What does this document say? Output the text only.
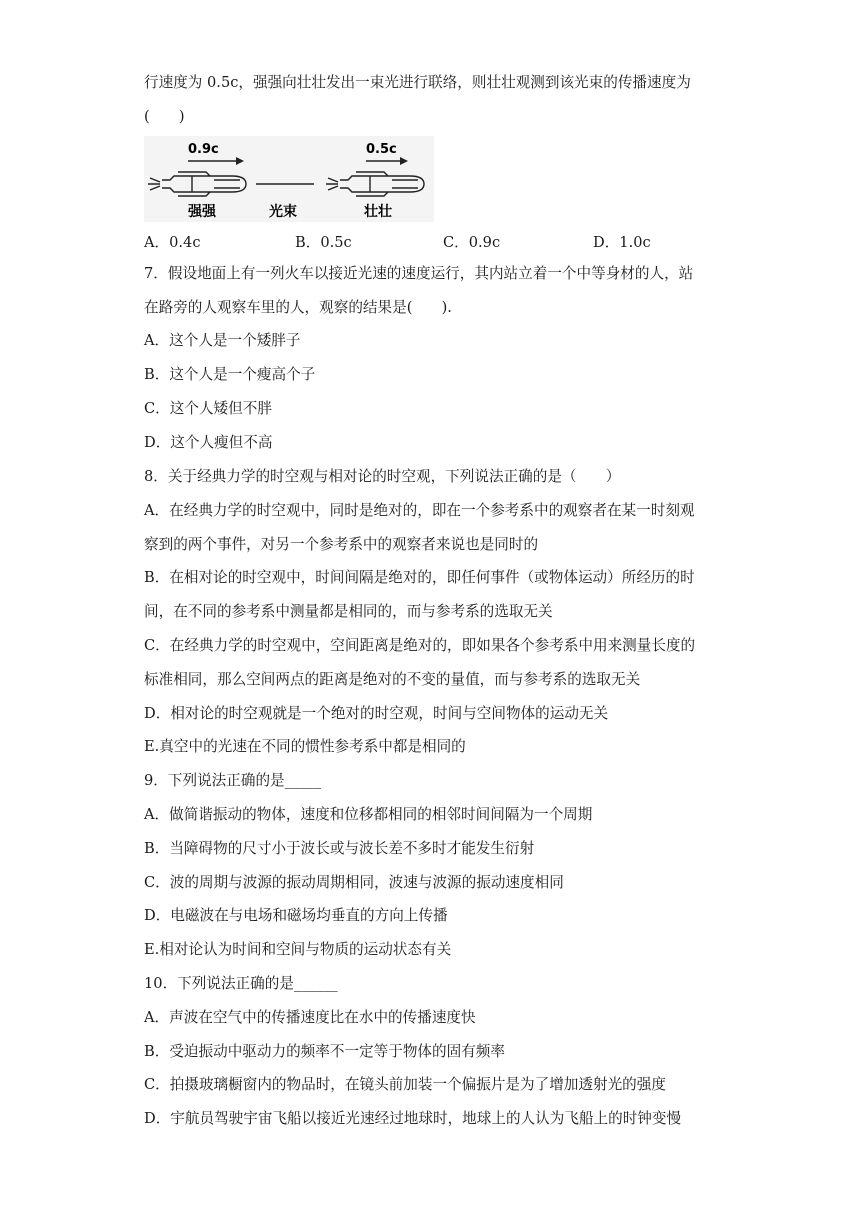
行速度为 0.5c，强强向壮壮发出一束光进行联络，则壮壮观测到该光束的传播速度为
(　　)
0.9c	0.5c
强强	光束	壮壮
A．0.4c	B．0.5c	C．0.9c	D．1.0c
7．假设地面上有一列火车以接近光速的速度运行，其内站立着一个中等身材的人，站
在路旁的人观察车里的人，观察的结果是(　　).
A．这个人是一个矮胖子
B．这个人是一个瘦高个子
C．这个人矮但不胖
D．这个人瘦但不高
8．关于经典力学的时空观与相对论的时空观，下列说法正确的是（　　）
A．在经典力学的时空观中，同时是绝对的，即在一个参考系中的观察者在某一时刻观
察到的两个事件，对另一个参考系中的观察者来说也是同时的
B．在相对论的时空观中，时间间隔是绝对的，即任何事件（或物体运动）所经历的时
间，在不同的参考系中测量都是相同的，而与参考系的选取无关
C．在经典力学的时空观中，空间距离是绝对的，即如果各个参考系中用来测量长度的
标准相同，那么空间两点的距离是绝对的不变的量值，而与参考系的选取无关
D．相对论的时空观就是一个绝对的时空观，时间与空间物体的运动无关
E.真空中的光速在不同的惯性参考系中都是相同的
9．下列说法正确的是_____
A．做简谐振动的物体，速度和位移都相同的相邻时间间隔为一个周期
B．当障碍物的尺寸小于波长或与波长差不多时才能发生衍射
C．波的周期与波源的振动周期相同，波速与波源的振动速度相同
D．电磁波在与电场和磁场均垂直的方向上传播
E.相对论认为时间和空间与物质的运动状态有关
10．下列说法正确的是______
A．声波在空气中的传播速度比在水中的传播速度快
B．受迫振动中驱动力的频率不一定等于物体的固有频率
C．拍摄玻璃橱窗内的物品时，在镜头前加装一个偏振片是为了增加透射光的强度
D．宇航员驾驶宇宙飞船以接近光速经过地球时，地球上的人认为飞船上的时钟变慢
